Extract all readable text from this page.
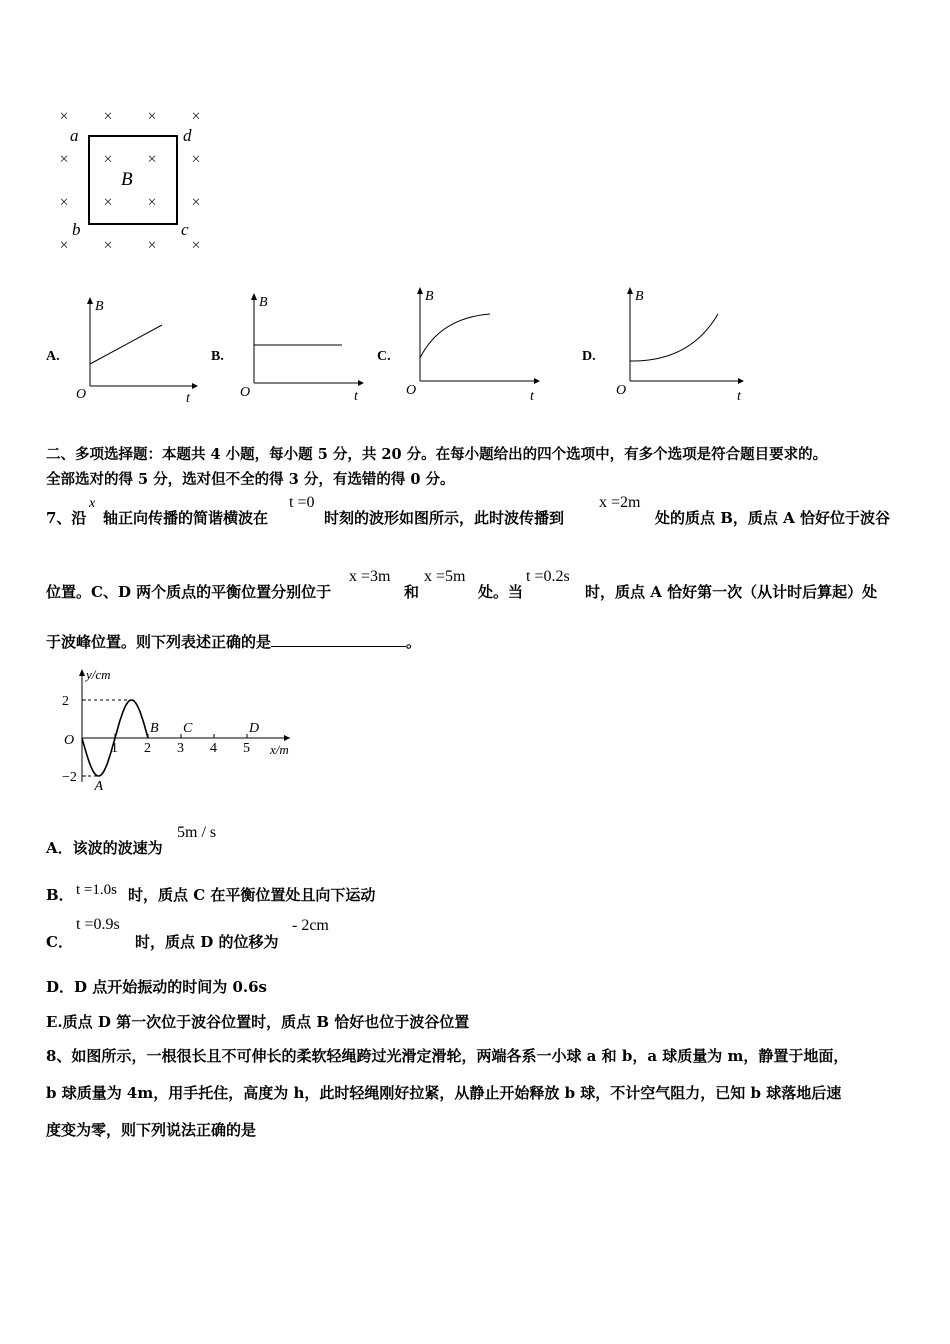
× × × ×
× × × ×
× × × ×
× × × ×
a	d
b	c
B
A.
B
t
O
B.
B
t
O
C.
B
t
O
D.
B
t
O
二、多项选择题：本题共 4 小题，每小题 5 分，共 20 分。在每小题给出的四个选项中，有多个选项是符合题目要求的。
全部选对的得 5 分，选对但不全的得 3 分，有选错的得 0 分。
7、沿
x
轴正向传播的简谐横波在
t =0
时刻的波形如图所示，此时波传播到
x =2m
处的质点 B，质点 A 恰好位于波谷
位置。C、D 两个质点的平衡位置分别位于
x =3m
和
x =5m
处。当
t =0.2s
时，质点 A 恰好第一次（从计时后算起）处
于波峰位置。则下列表述正确的是	。
y/cm
x/m
O
2
−2
1 2 3 4 5
A
B C	D
A．该波的波速为
5m / s
B． t =1.0s 时，质点 C 在平衡位置处且向下运动
C．
t =0.9s
时，质点 D 的位移为
- 2cm
D．D 点开始振动的时间为 0.6s
E.质点 D 第一次位于波谷位置时，质点 B 恰好也位于波谷位置
8、如图所示，一根很长且不可伸长的柔软轻绳跨过光滑定滑轮，两端各系一小球 a 和 b，a 球质量为 m，静置于地面，
b 球质量为 4m，用手托住，高度为 h，此时轻绳刚好拉紧，从静止开始释放 b 球，不计空气阻力，已知 b 球落地后速
度变为零，则下列说法正确的是
